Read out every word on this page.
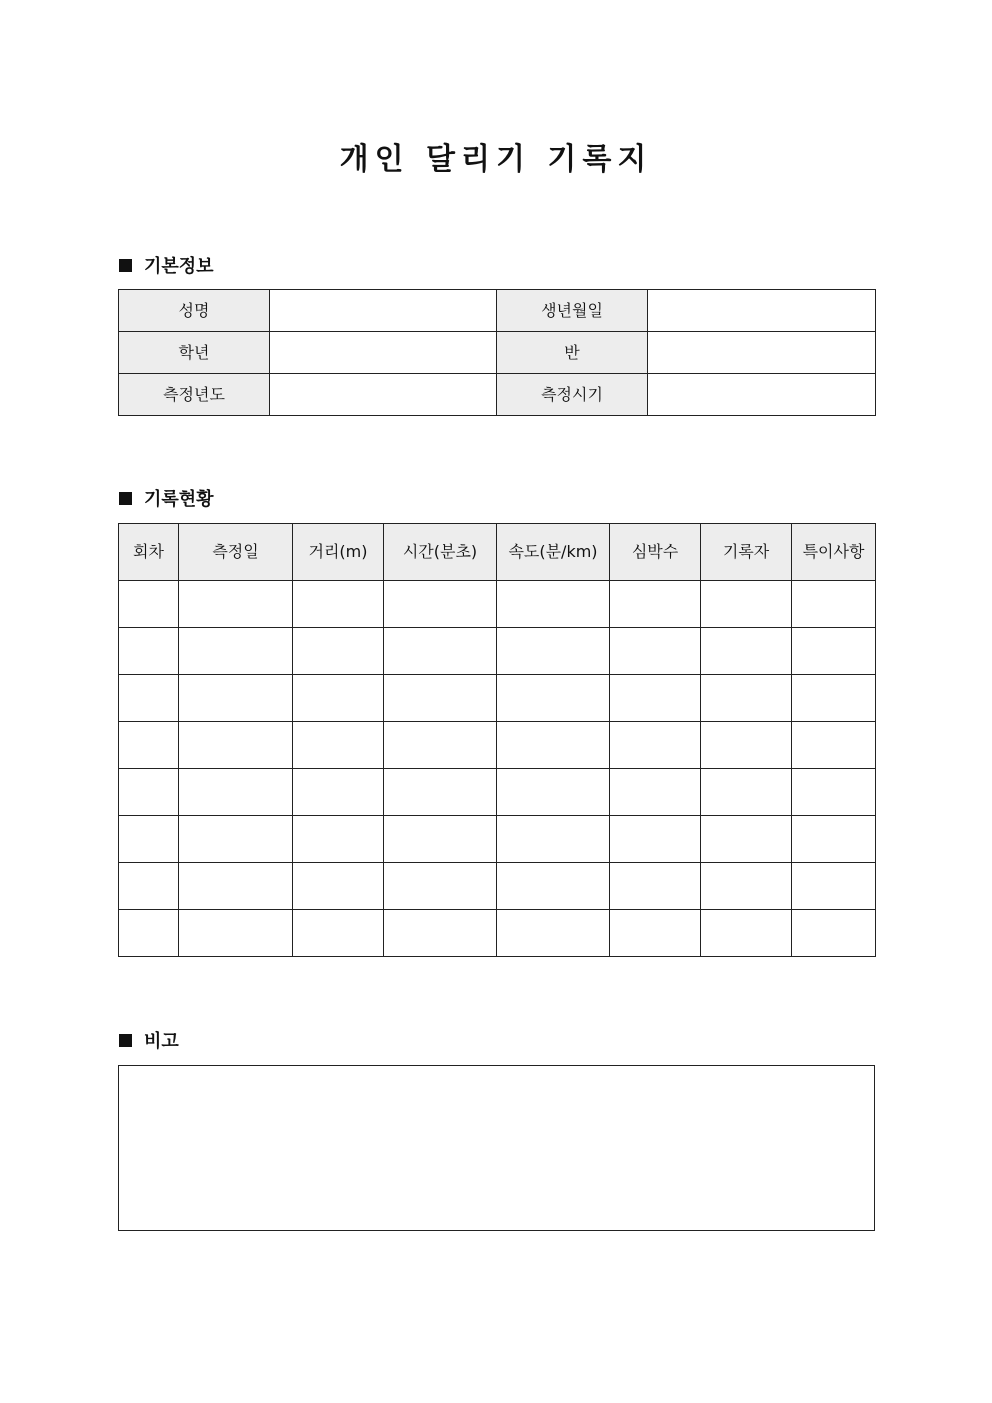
개인 달리기 기록지
기본정보
성명		생년월일	
학년		반	
측정년도		측정시기	
기록현황
회차	측정일	거리(m)	시간(분초)	속도(분/km)	심박수	기록자	특이사항

비고
